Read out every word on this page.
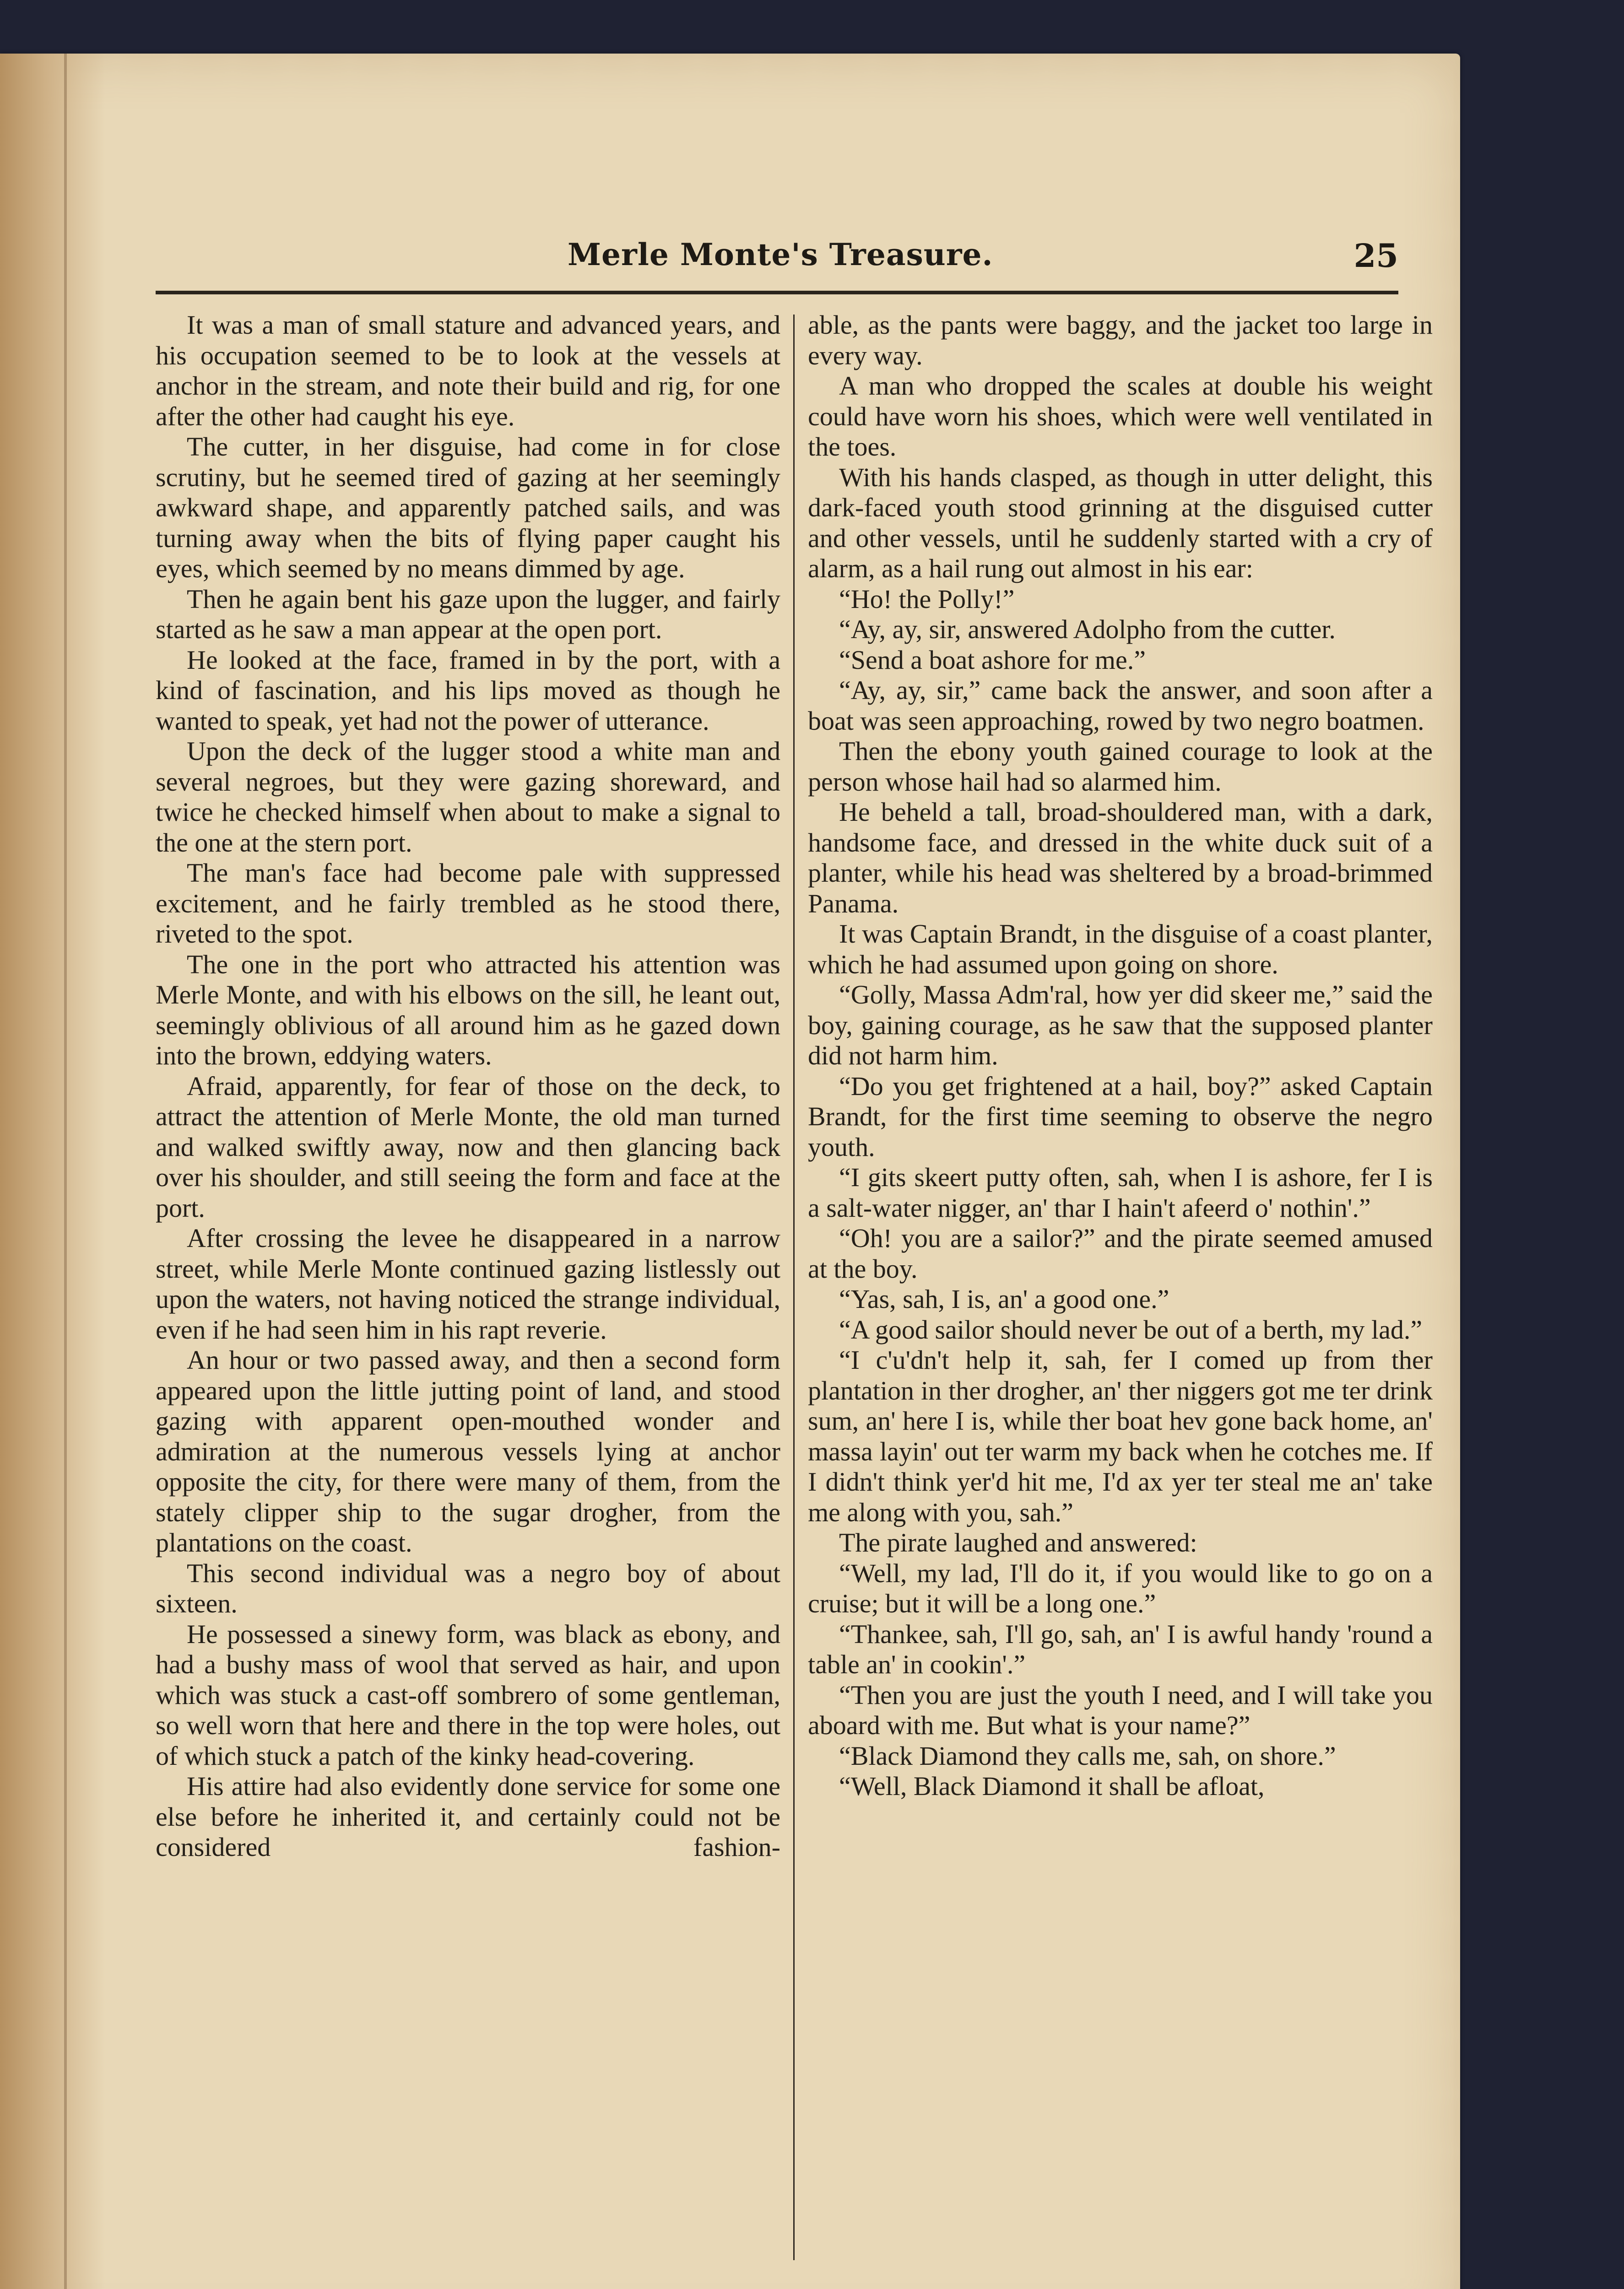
Merle Monte's Treasure.	25

It was a man of small stature and advanced years, and his occupation seemed to be to look at the vessels at anchor in the stream, and note their build and rig, for one after the other had caught his eye.

The cutter, in her disguise, had come in for close scrutiny, but he seemed tired of gazing at her seemingly awkward shape, and apparently patched sails, and was turning away when the bits of flying paper caught his eyes, which seemed by no means dimmed by age.

Then he again bent his gaze upon the lugger, and fairly started as he saw a man appear at the open port.

He looked at the face, framed in by the port, with a kind of fascination, and his lips moved as though he wanted to speak, yet had not the power of utterance.

Upon the deck of the lugger stood a white man and several negroes, but they were gazing shoreward, and twice he checked himself when about to make a signal to the one at the stern port.

The man's face had become pale with suppressed excitement, and he fairly trembled as he stood there, riveted to the spot.

The one in the port who attracted his attention was Merle Monte, and with his elbows on the sill, he leant out, seemingly oblivious of all around him as he gazed down into the brown, eddying waters.

Afraid, apparently, for fear of those on the deck, to attract the attention of Merle Monte, the old man turned and walked swiftly away, now and then glancing back over his shoulder, and still seeing the form and face at the port.

After crossing the levee he disappeared in a narrow street, while Merle Monte continued gazing listlessly out upon the waters, not having noticed the strange individual, even if he had seen him in his rapt reverie.

An hour or two passed away, and then a second form appeared upon the little jutting point of land, and stood gazing with apparent open-mouthed wonder and admiration at the numerous vessels lying at anchor opposite the city, for there were many of them, from the stately clipper ship to the sugar drogher, from the plantations on the coast.

This second individual was a negro boy of about sixteen.

He possessed a sinewy form, was black as ebony, and had a bushy mass of wool that served as hair, and upon which was stuck a cast-off sombrero of some gentleman, so well worn that here and there in the top were holes, out of which stuck a patch of the kinky head-covering.

His attire had also evidently done service for some one else before he inherited it, and certainly could not be considered fashion-

able, as the pants were baggy, and the jacket too large in every way.

A man who dropped the scales at double his weight could have worn his shoes, which were well ventilated in the toes.

With his hands clasped, as though in utter delight, this dark-faced youth stood grinning at the disguised cutter and other vessels, until he suddenly started with a cry of alarm, as a hail rung out almost in his ear:

“Ho! the Polly!”

“Ay, ay, sir, answered Adolpho from the cutter.

“Send a boat ashore for me.”

“Ay, ay, sir,” came back the answer, and soon after a boat was seen approaching, rowed by two negro boatmen.

Then the ebony youth gained courage to look at the person whose hail had so alarmed him.

He beheld a tall, broad-shouldered man, with a dark, handsome face, and dressed in the white duck suit of a planter, while his head was sheltered by a broad-brimmed Panama.

It was Captain Brandt, in the disguise of a coast planter, which he had assumed upon going on shore.

“Golly, Massa Adm'ral, how yer did skeer me,” said the boy, gaining courage, as he saw that the supposed planter did not harm him.

“Do you get frightened at a hail, boy?” asked Captain Brandt, for the first time seeming to observe the negro youth.

“I gits skeert putty often, sah, when I is ashore, fer I is a salt-water nigger, an' thar I hain't afeerd o' nothin'.”

“Oh! you are a sailor?” and the pirate seemed amused at the boy.

“Yas, sah, I is, an' a good one.”

“A good sailor should never be out of a berth, my lad.”

“I c'u'dn't help it, sah, fer I comed up from ther plantation in ther drogher, an' ther niggers got me ter drink sum, an' here I is, while ther boat hev gone back home, an' massa layin' out ter warm my back when he cotches me. If I didn't think yer'd hit me, I'd ax yer ter steal me an' take me along with you, sah.”

The pirate laughed and answered:

“Well, my lad, I'll do it, if you would like to go on a cruise; but it will be a long one.”

“Thankee, sah, I'll go, sah, an' I is awful handy 'round a table an' in cookin'.”

“Then you are just the youth I need, and I will take you aboard with me. But what is your name?”

“Black Diamond they calls me, sah, on shore.”

“Well, Black Diamond it shall be afloat,
